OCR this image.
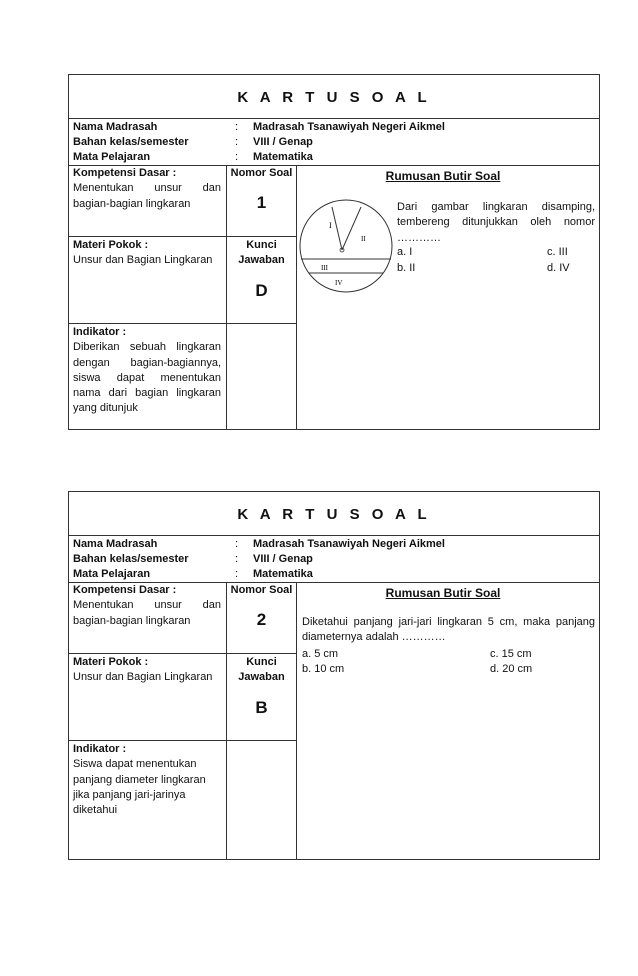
K A R T U S O A L
Nama Madrasah	: Madrasah Tsanawiyah Negeri Aikmel
Bahan kelas/semester	: VIII / Genap
Mata Pelajaran	: Matematika
Kompetensi Dasar :
Menentukan unsur dan bagian-bagian lingkaran
Nomor Soal
1
Materi Pokok :
Unsur dan Bagian Lingkaran
Kunci
Jawaban
D
Indikator :
Diberikan sebuah lingkaran dengan bagian-bagiannya, siswa dapat menentukan nama dari bagian lingkaran yang ditunjuk
Rumusan Butir Soal
I
II
III
IV
Dari gambar lingkaran disamping, tembereng ditunjukkan oleh nomor …………
a. I
b. II
c. III
d. IV
K A R T U S O A L
Nama Madrasah	: Madrasah Tsanawiyah Negeri Aikmel
Bahan kelas/semester	: VIII / Genap
Mata Pelajaran	: Matematika
Kompetensi Dasar :
Menentukan unsur dan bagian-bagian lingkaran
Nomor Soal
2
Materi Pokok :
Unsur dan Bagian Lingkaran
Kunci
Jawaban
B
Indikator :
Siswa dapat menentukan panjang diameter lingkaran jika panjang jari-jarinya diketahui
Rumusan Butir Soal
Diketahui panjang jari-jari lingkaran 5 cm, maka panjang diameternya adalah …………
a. 5 cm
b. 10 cm
c. 15 cm
d. 20 cm
